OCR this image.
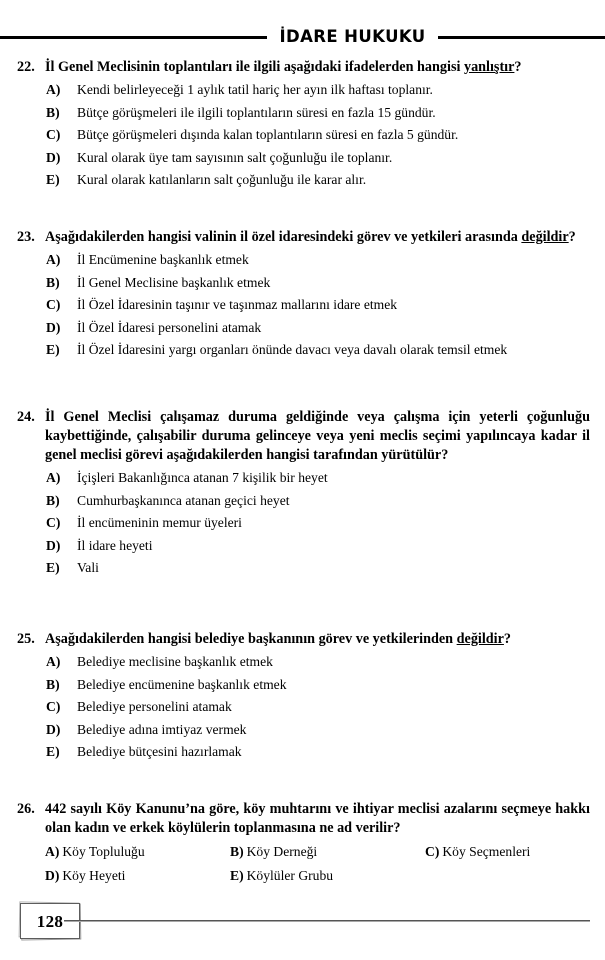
İDARE HUKUKU
22. İl Genel Meclisinin toplantıları ile ilgili aşağıdaki ifadelerden hangisi yanlıştır?
A)	Kendi belirleyeceği 1 aylık tatil hariç her ayın ilk haftası toplanır.
B)	Bütçe görüşmeleri ile ilgili toplantıların süresi en fazla 15 gündür.
C)	Bütçe görüşmeleri dışında kalan toplantıların süresi en fazla 5 gündür.
D)	Kural olarak üye tam sayısının salt çoğunluğu ile toplanır.
E)	Kural olarak katılanların salt çoğunluğu ile karar alır.
23. Aşağıdakilerden hangisi valinin il özel idaresindeki görev ve yetkileri arasında değildir?
A)	İl Encümenine başkanlık etmek
B)	İl Genel Meclisine başkanlık etmek
C)	İl Özel İdaresinin taşınır ve taşınmaz mallarını idare etmek
D)	İl Özel İdaresi personelini atamak
E)	İl Özel İdaresini yargı organları önünde davacı veya davalı olarak temsil etmek
24. İl Genel Meclisi çalışamaz duruma geldiğinde veya çalışma için yeterli çoğunluğu kaybettiğinde, çalışabilir duruma gelinceye veya yeni meclis seçimi yapılıncaya kadar il genel meclisi görevi aşağıdakilerden hangisi tarafından yürütülür?
A)	İçişleri Bakanlığınca atanan 7 kişilik bir heyet
B)	Cumhurbaşkanınca atanan geçici heyet
C)	İl encümeninin memur üyeleri
D)	İl idare heyeti
E)	Vali
25. Aşağıdakilerden hangisi belediye başkanının görev ve yetkilerinden değildir?
A)	Belediye meclisine başkanlık etmek
B)	Belediye encümenine başkanlık etmek
C)	Belediye personelini atamak
D)	Belediye adına imtiyaz vermek
E)	Belediye bütçesini hazırlamak
26. 442 sayılı Köy Kanunu’na göre, köy muhtarını ve ihtiyar meclisi azalarını seçmeye hakkı olan kadın ve erkek köylülerin toplanmasına ne ad verilir?
A) Köy Topluluğu	B) Köy Derneği	C) Köy Seçmenleri
D) Köy Heyeti	E) Köylüler Grubu
128
